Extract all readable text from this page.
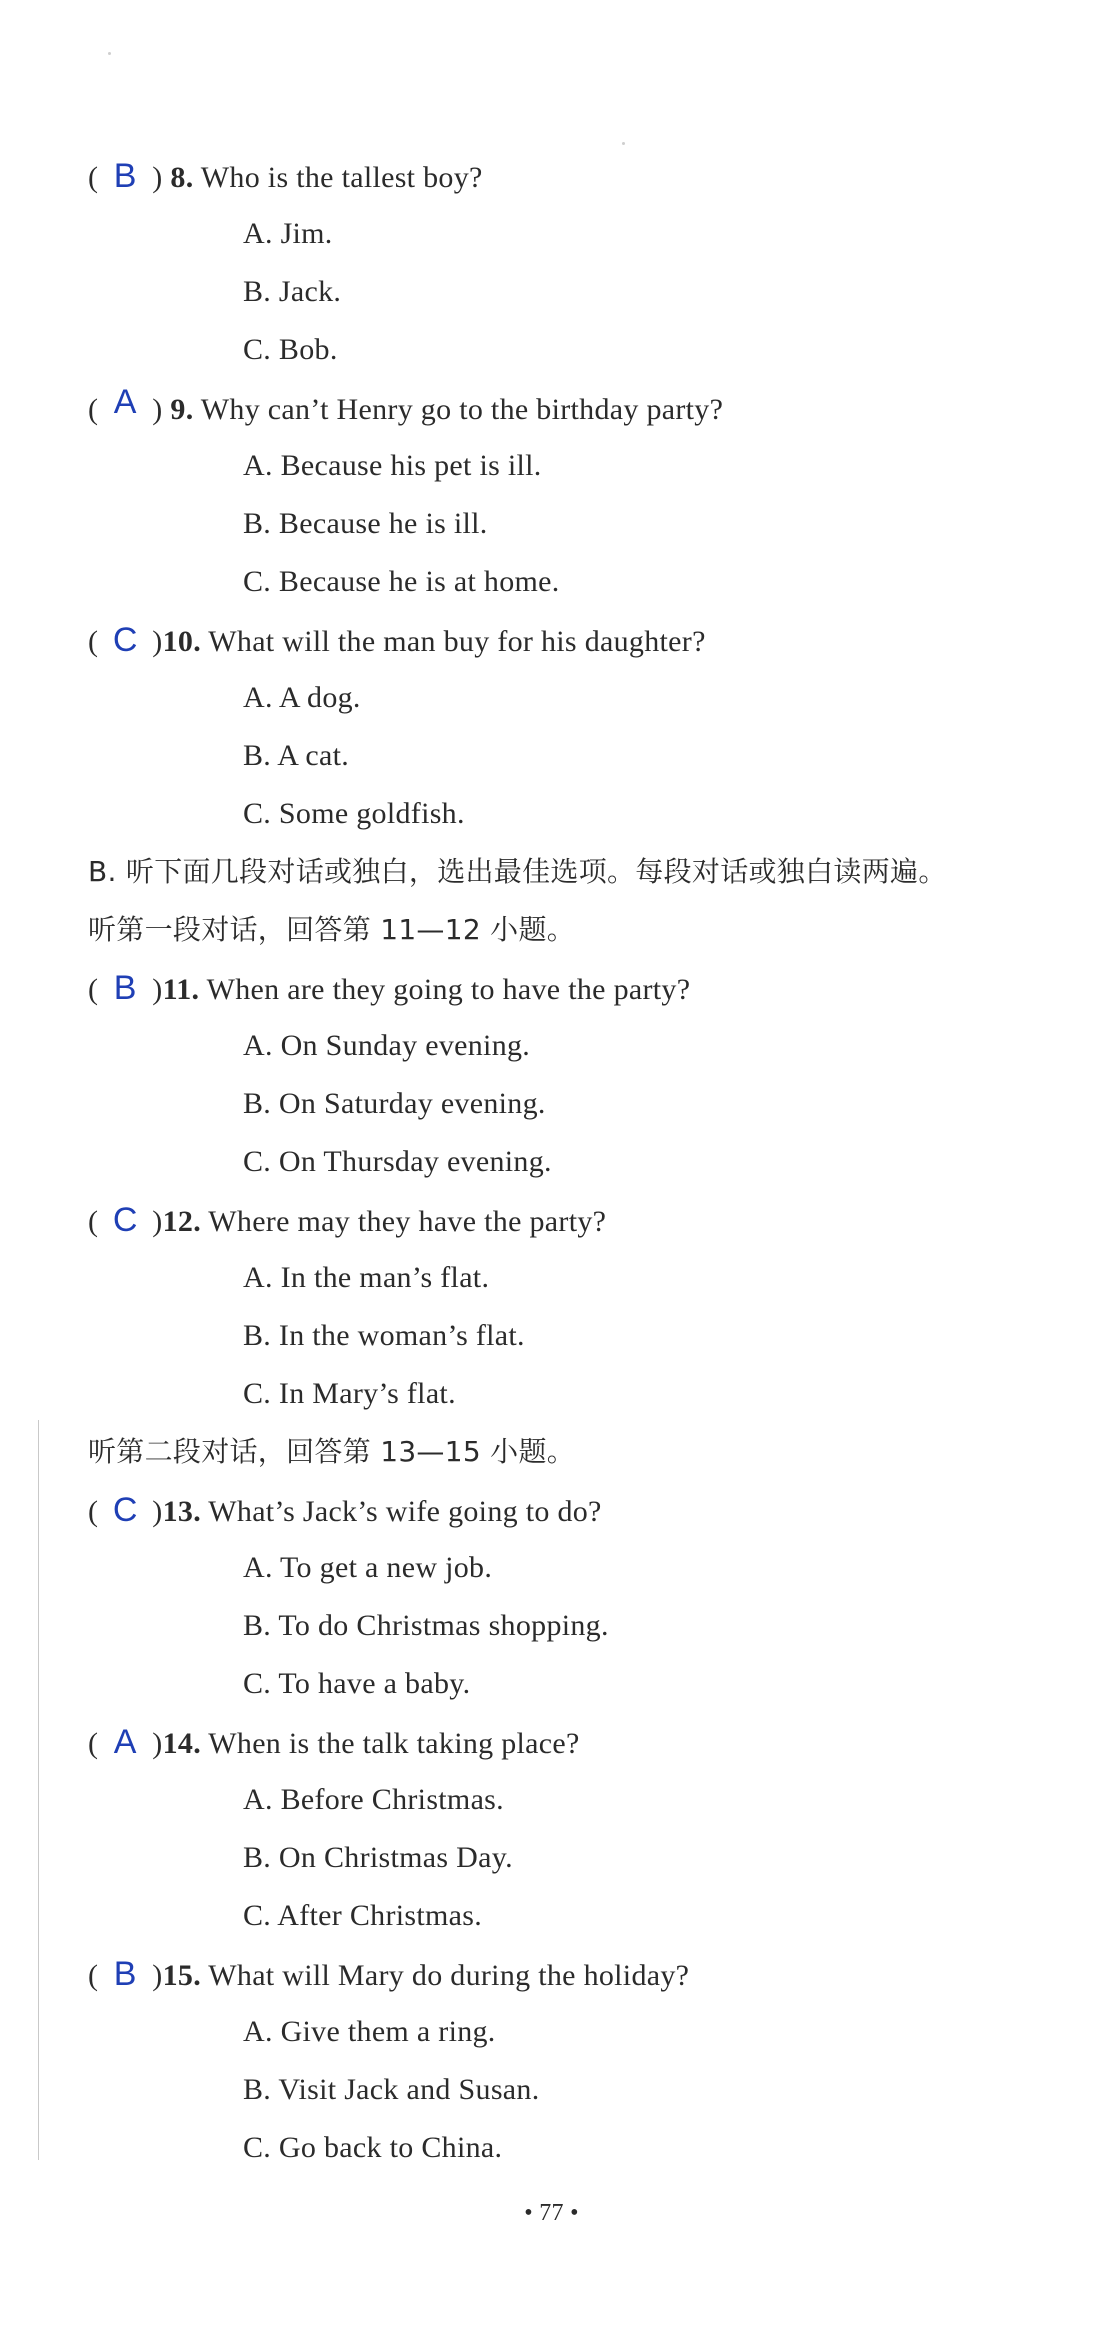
( B ) 8. Who is the tallest boy?
A. Jim.
B. Jack.
C. Bob.
( A ) 9. Why can’t Henry go to the birthday party?
A. Because his pet is ill.
B. Because he is ill.
C. Because he is at home.
( C )10. What will the man buy for his daughter?
A. A dog.
B. A cat.
C. Some goldfish.
B. 听下面几段对话或独白，选出最佳选项。每段对话或独白读两遍。
听第一段对话，回答第 11—12 小题。
( B )11. When are they going to have the party?
A. On Sunday evening.
B. On Saturday evening.
C. On Thursday evening.
( C )12. Where may they have the party?
A. In the man’s flat.
B. In the woman’s flat.
C. In Mary’s flat.
听第二段对话，回答第 13—15 小题。
( C )13. What’s Jack’s wife going to do?
A. To get a new job.
B. To do Christmas shopping.
C. To have a baby.
( A )14. When is the talk taking place?
A. Before Christmas.
B. On Christmas Day.
C. After Christmas.
( B )15. What will Mary do during the holiday?
A. Give them a ring.
B. Visit Jack and Susan.
C. Go back to China.
• 77 •
